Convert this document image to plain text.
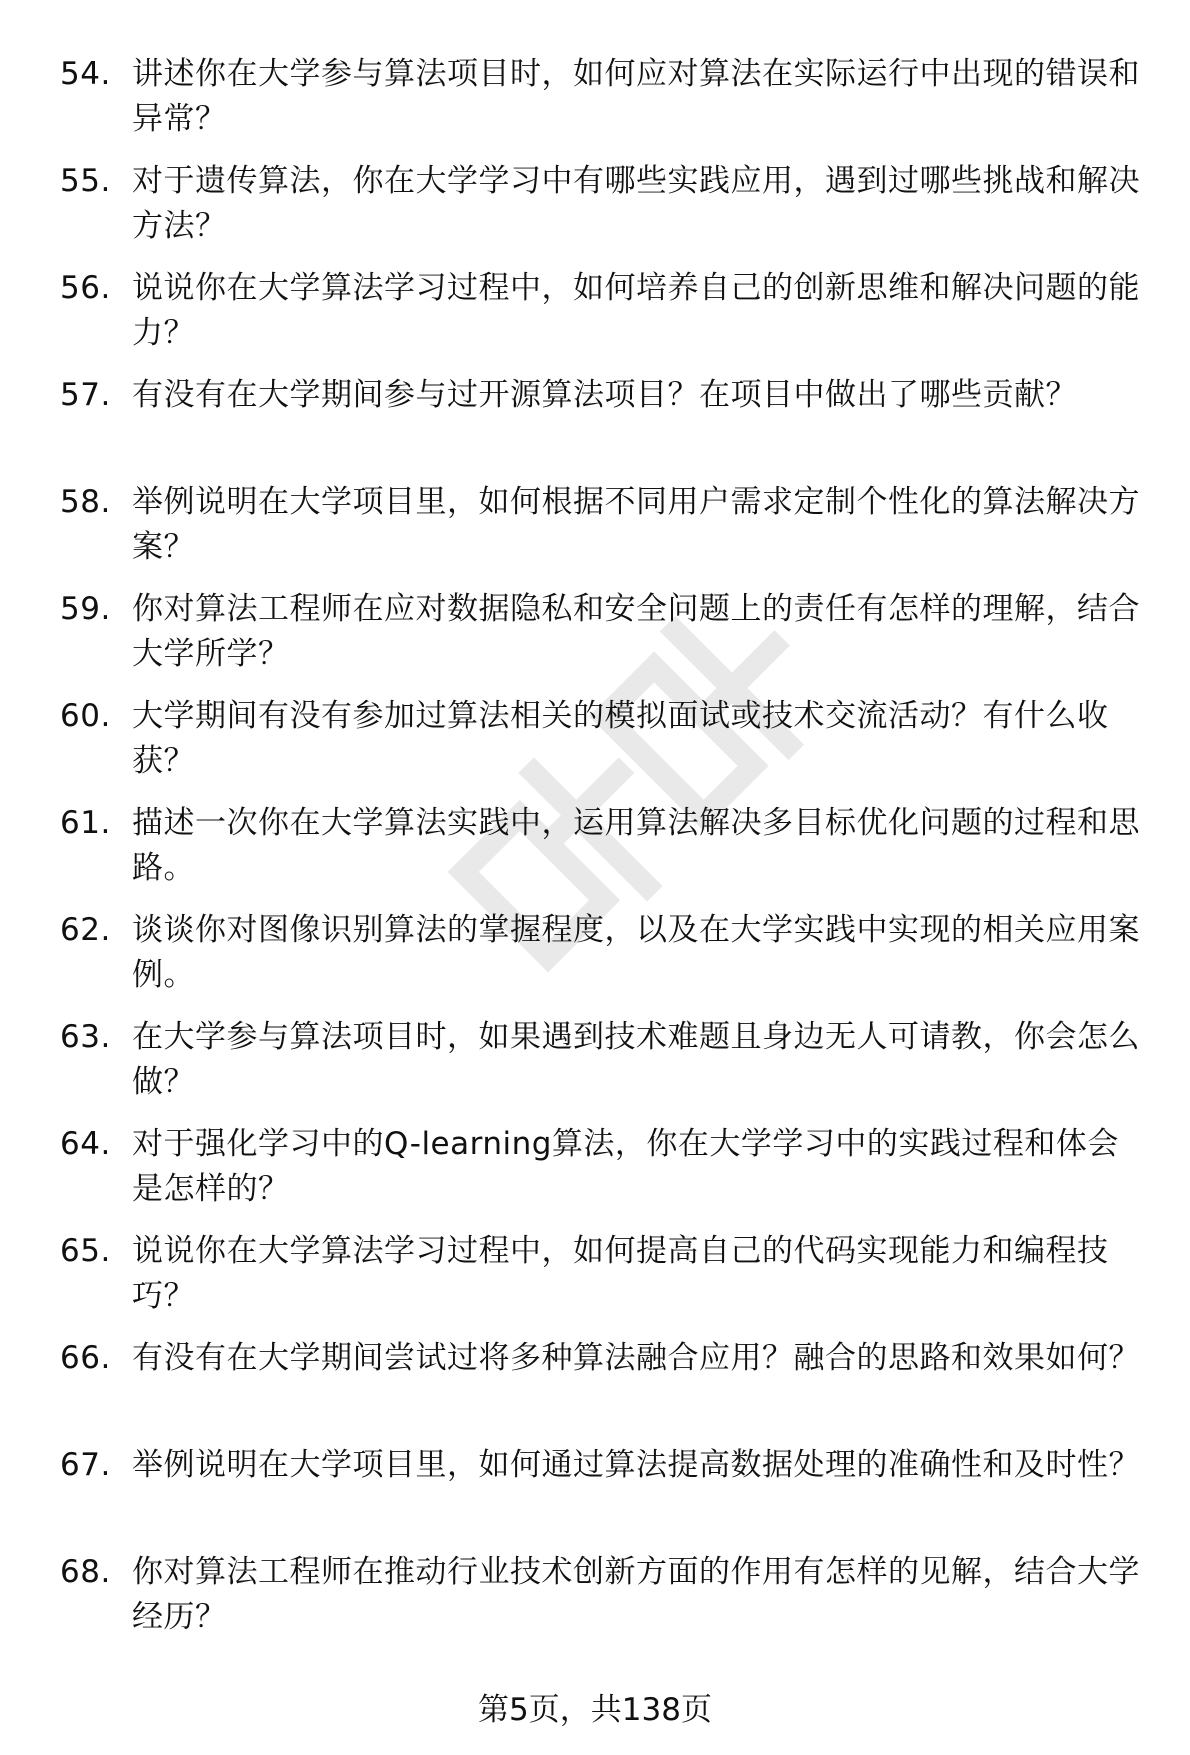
54. 讲述你在大学参与算法项目时，如何应对算法在实际运行中出现的错误和异常？
55. 对于遗传算法，你在大学学习中有哪些实践应用，遇到过哪些挑战和解决方法？
56. 说说你在大学算法学习过程中，如何培养自己的创新思维和解决问题的能力？
57. 有没有在大学期间参与过开源算法项目？在项目中做出了哪些贡献？
58. 举例说明在大学项目里，如何根据不同用户需求定制个性化的算法解决方案？
59. 你对算法工程师在应对数据隐私和安全问题上的责任有怎样的理解，结合大学所学？
60. 大学期间有没有参加过算法相关的模拟面试或技术交流活动？有什么收获？
61. 描述一次你在大学算法实践中，运用算法解决多目标优化问题的过程和思路。
62. 谈谈你对图像识别算法的掌握程度，以及在大学实践中实现的相关应用案例。
63. 在大学参与算法项目时，如果遇到技术难题且身边无人可请教，你会怎么做？
64. 对于强化学习中的Q-learning算法，你在大学学习中的实践过程和体会是怎样的？
65. 说说你在大学算法学习过程中，如何提高自己的代码实现能力和编程技巧？
66. 有没有在大学期间尝试过将多种算法融合应用？融合的思路和效果如何？
67. 举例说明在大学项目里，如何通过算法提高数据处理的准确性和及时性？
68. 你对算法工程师在推动行业技术创新方面的作用有怎样的见解，结合大学经历？
第5页，共138页
